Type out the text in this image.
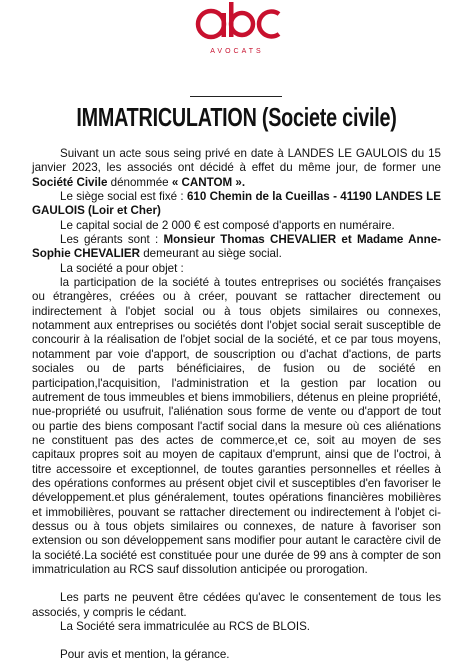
AVOCATS
IMMATRICULATION (Societe civile)

Suivant un acte sous seing privé en date à LANDES LE GAULOIS du 15 janvier 2023, les associés ont décidé à effet du même jour, de former une Société Civile dénommée « CANTOM ».

Le siège social est fixé : 610 Chemin de la Cueillas - 41190 LANDES LE GAULOIS (Loir et Cher)

Le capital social de 2 000 € est composé d'apports en numéraire.

Les gérants sont : Monsieur Thomas CHEVALIER et Madame Anne-Sophie CHEVALIER demeurant au siège social.

La société a pour objet :

la participation de la société à toutes entreprises ou sociétés françaises ou étrangères, créées ou à créer, pouvant se rattacher directement ou indirectement à l'objet social ou à tous objets similaires ou connexes, notamment aux entreprises ou sociétés dont l'objet social serait susceptible de concourir à la réalisation de l'objet social de la société, et ce par tous moyens, notamment par voie d'apport, de souscription ou d'achat d'actions, de parts sociales ou de parts bénéficiaires, de fusion ou de société en participation,l'acquisition, l'administration et la gestion par location ou autrement de tous immeubles et biens immobiliers, détenus en pleine propriété, nue-propriété ou usufruit, l'aliénation sous forme de vente ou d'apport de tout ou partie des biens composant l'actif social dans la mesure où ces aliénations ne constituent pas des actes de commerce,et ce, soit au moyen de ses capitaux propres soit au moyen de capitaux d'emprunt, ainsi que de l'octroi, à titre accessoire et exceptionnel, de toutes garanties personnelles et réelles à des opérations conformes au présent objet civil et susceptibles d'en favoriser le développement.et plus généralement, toutes opérations financières mobilières et immobilières, pouvant se rattacher directement ou indirectement à l'objet ci-dessus ou à tous objets similaires ou connexes, de nature à favoriser son extension ou son développement sans modifier pour autant le caractère civil de la société.La société est constituée pour une durée de 99 ans à compter de son immatriculation au RCS sauf dissolution anticipée ou prorogation.

Les parts ne peuvent être cédées qu'avec le consentement de tous les associés, y compris le cédant.

La Société sera immatriculée au RCS de BLOIS.

Pour avis et mention, la gérance.
